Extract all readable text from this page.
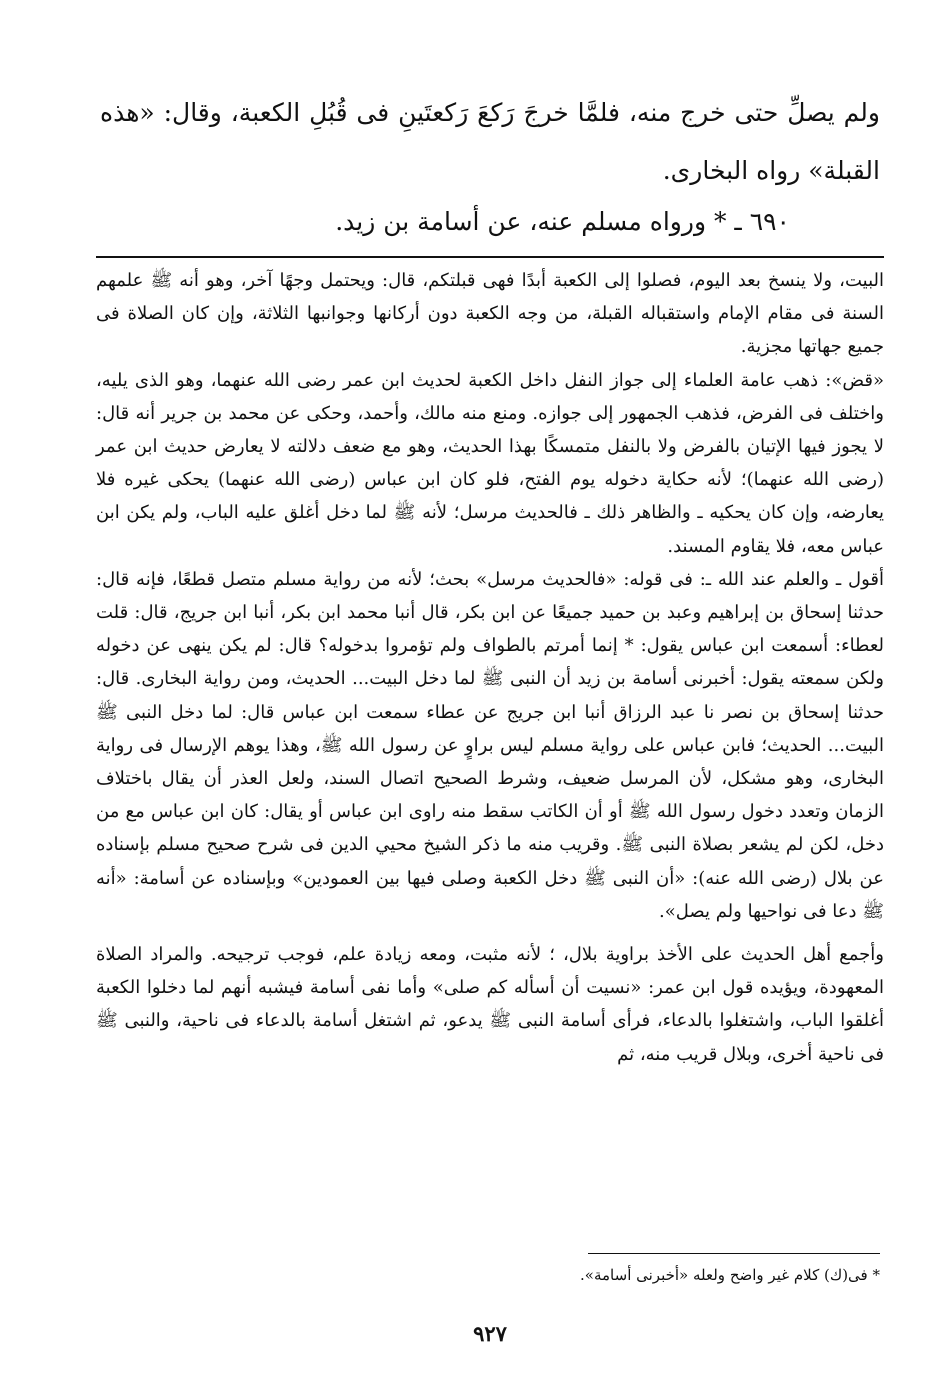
ولم يصلِّ حتى خرج منه، فلمَّا خرجَ رَكعَ رَكعتَينِ فى قُبُلِ الكعبة، وقال: «هذه القبلة» رواه البخارى.

٦٩٠ ـ * ورواه مسلم عنه، عن أسامة بن زيد.

البيت، ولا ينسخ بعد اليوم، فصلوا إلى الكعبة أبدًا فهى قبلتكم، قال: ويحتمل وجهًا آخر، وهو أنه ﷺ علمهم السنة فى مقام الإمام واستقباله القبلة، من وجه الكعبة دون أركانها وجوانبها الثلاثة، وإن كان الصلاة فى جميع جهاتها مجزية.

«قض»: ذهب عامة العلماء إلى جواز النفل داخل الكعبة لحديث ابن عمر رضى الله عنهما، وهو الذى يليه، واختلف فى الفرض، فذهب الجمهور إلى جوازه. ومنع منه مالك، وأحمد، وحكى عن محمد بن جرير أنه قال: لا يجوز فيها الإتيان بالفرض ولا بالنفل متمسكًا بهذا الحديث، وهو مع ضعف دلالته لا يعارض حديث ابن عمر (رضى الله عنهما)؛ لأنه حكاية دخوله يوم الفتح، فلو كان ابن عباس (رضى الله عنهما) يحكى غيره فلا يعارضه، وإن كان يحكيه ـ والظاهر ذلك ـ فالحديث مرسل؛ لأنه ﷺ لما دخل أغلق عليه الباب، ولم يكن ابن عباس معه، فلا يقاوم المسند.

أقول ـ والعلم عند الله ـ: فى قوله: «فالحديث مرسل» بحث؛ لأنه من رواية مسلم متصل قطعًا، فإنه قال: حدثنا إسحاق بن إبراهيم وعبد بن حميد جميعًا عن ابن بكر، قال أنبا محمد ابن بكر، أنبا ابن جريج، قال: قلت لعطاء: أسمعت ابن عباس يقول: * إنما أمرتم بالطواف ولم تؤمروا بدخوله؟ قال: لم يكن ينهى عن دخوله ولكن سمعته يقول: أخبرنى أسامة بن زيد أن النبى ﷺ لما دخل البيت... الحديث، ومن رواية البخارى. قال: حدثنا إسحاق بن نصر نا عبد الرزاق أنبا ابن جريج عن عطاء سمعت ابن عباس قال: لما دخل النبى ﷺ البيت... الحديث؛ فابن عباس على رواية مسلم ليس براوٍ عن رسول الله ﷺ، وهذا يوهم الإرسال فى رواية البخارى، وهو مشكل، لأن المرسل ضعيف، وشرط الصحيح اتصال السند، ولعل العذر أن يقال باختلاف الزمان وتعدد دخول رسول الله ﷺ أو أن الكاتب سقط منه راوى ابن عباس أو يقال: كان ابن عباس مع من دخل، لكن لم يشعر بصلاة النبى ﷺ. وقريب منه ما ذكر الشيخ محيي الدين فى شرح صحيح مسلم بإسناده عن بلال (رضى الله عنه): «أن النبى ﷺ دخل الكعبة وصلى فيها بين العمودين» وبإسناده عن أسامة: «أنه ﷺ دعا فى نواحيها ولم يصل».

وأجمع أهل الحديث على الأخذ براوية بلال، ؛ لأنه مثبت، ومعه زيادة علم، فوجب ترجيحه. والمراد الصلاة المعهودة، ويؤيده قول ابن عمر: «نسيت أن أسأله كم صلى» وأما نفى أسامة فيشبه أنهم لما دخلوا الكعبة أغلقوا الباب، واشتغلوا بالدعاء، فرأى أسامة النبى ﷺ يدعو، ثم اشتغل أسامة بالدعاء فى ناحية، والنبى ﷺ فى ناحية أخرى، وبلال قريب منه، ثم

* فى(ك) كلام غير واضح ولعله «أخبرنى أسامة».
٩٢٧
